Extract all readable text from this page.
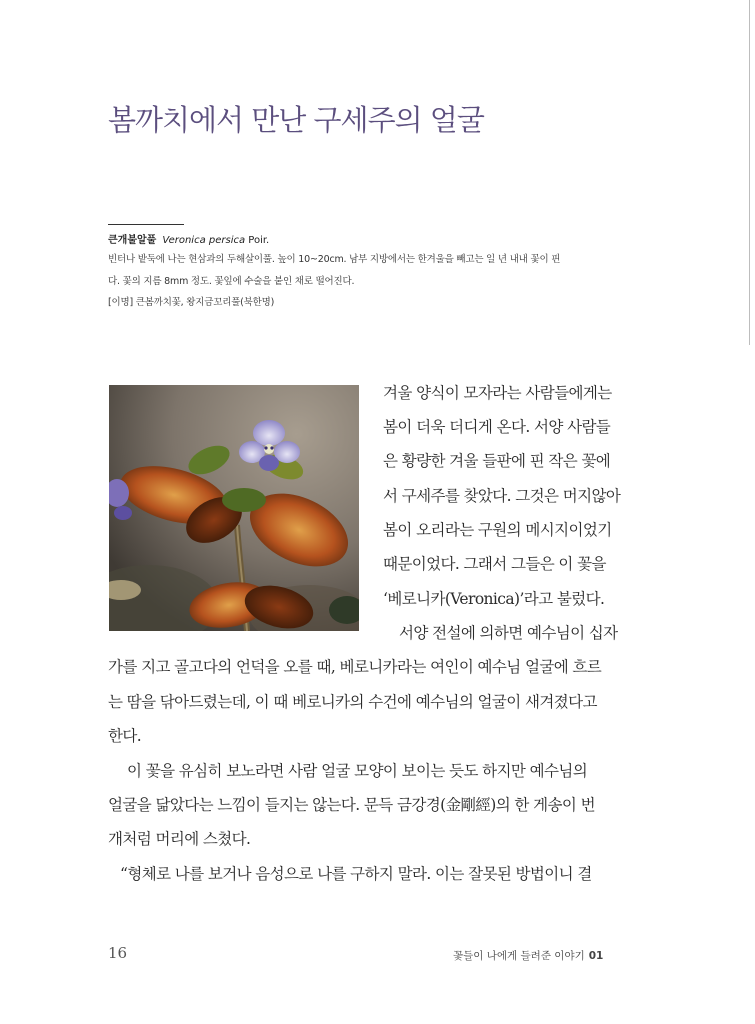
봄까치에서 만난 구세주의 얼굴
큰개불알풀 Veronica persica Poir.

빈터나 밭둑에 나는 현삼과의 두해살이풀. 높이 10~20cm. 남부 지방에서는 한겨울을 빼고는 일 년 내내 꽃이 핀

다. 꽃의 지름 8mm 정도. 꽃잎에 수술을 붙인 채로 떨어진다.

[이명] 큰봄까치꽃, 왕지금꼬리풀(북한명)

겨울 양식이 모자라는 사람들에게는

봄이 더욱 더디게 온다. 서양 사람들

은 황량한 겨울 들판에 핀 작은 꽃에

서 구세주를 찾았다. 그것은 머지않아

봄이 오리라는 구원의 메시지이었기

때문이었다. 그래서 그들은 이 꽃을

‘베로니카(Veronica)’라고 불렀다.

서양 전설에 의하면 예수님이 십자

가를 지고 골고다의 언덕을 오를 때, 베로니카라는 여인이 예수님 얼굴에 흐르

는 땀을 닦아드렸는데, 이 때 베로니카의 수건에 예수님의 얼굴이 새겨졌다고

한다.

이 꽃을 유심히 보노라면 사람 얼굴 모양이 보이는 듯도 하지만 예수님의

얼굴을 닮았다는 느낌이 들지는 않는다. 문득 금강경(金剛經)의 한 게송이 번

개처럼 머리에 스쳤다.

“형체로 나를 보거나 음성으로 나를 구하지 말라. 이는 잘못된 방법이니 결

16	꽃들이 나에게 들려준 이야기 01
